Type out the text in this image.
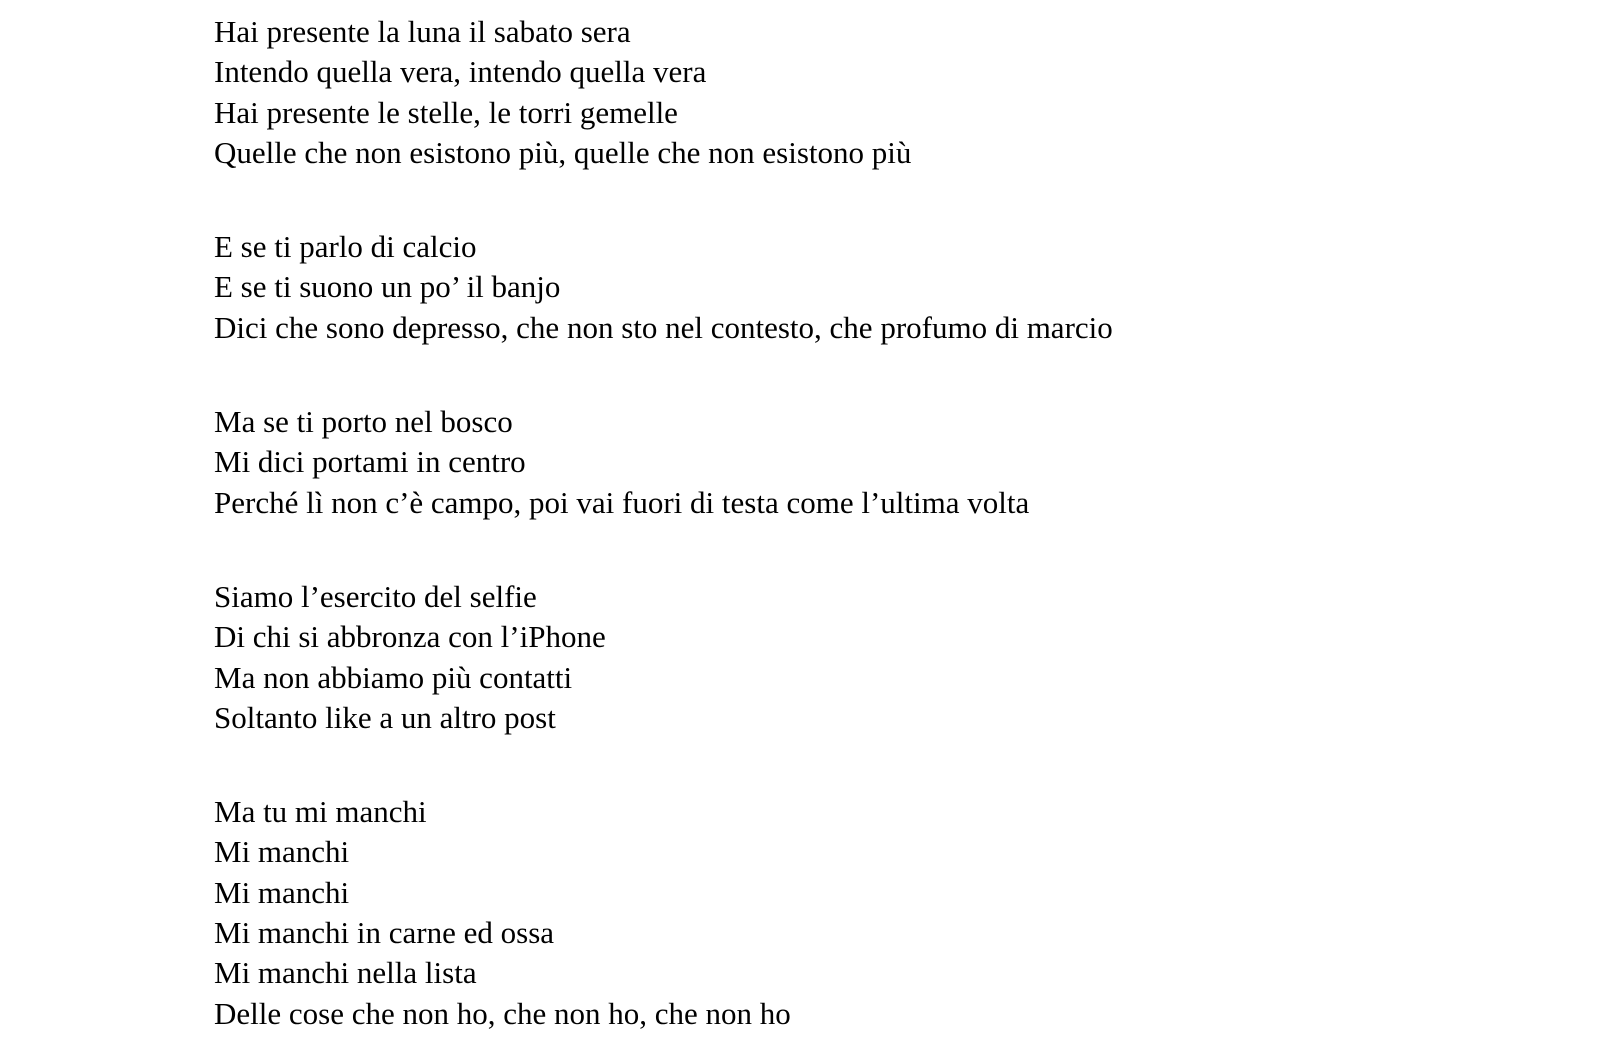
Hai presente la luna il sabato sera
Intendo quella vera, intendo quella vera
Hai presente le stelle, le torri gemelle
Quelle che non esistono più, quelle che non esistono più
E se ti parlo di calcio
E se ti suono un po’ il banjo
Dici che sono depresso, che non sto nel contesto, che profumo di marcio
Ma se ti porto nel bosco
Mi dici portami in centro
Perché lì non c’è campo, poi vai fuori di testa come l’ultima volta
Siamo l’esercito del selfie
Di chi si abbronza con l’iPhone
Ma non abbiamo più contatti
Soltanto like a un altro post
Ma tu mi manchi
Mi manchi
Mi manchi
Mi manchi in carne ed ossa
Mi manchi nella lista
Delle cose che non ho, che non ho, che non ho
